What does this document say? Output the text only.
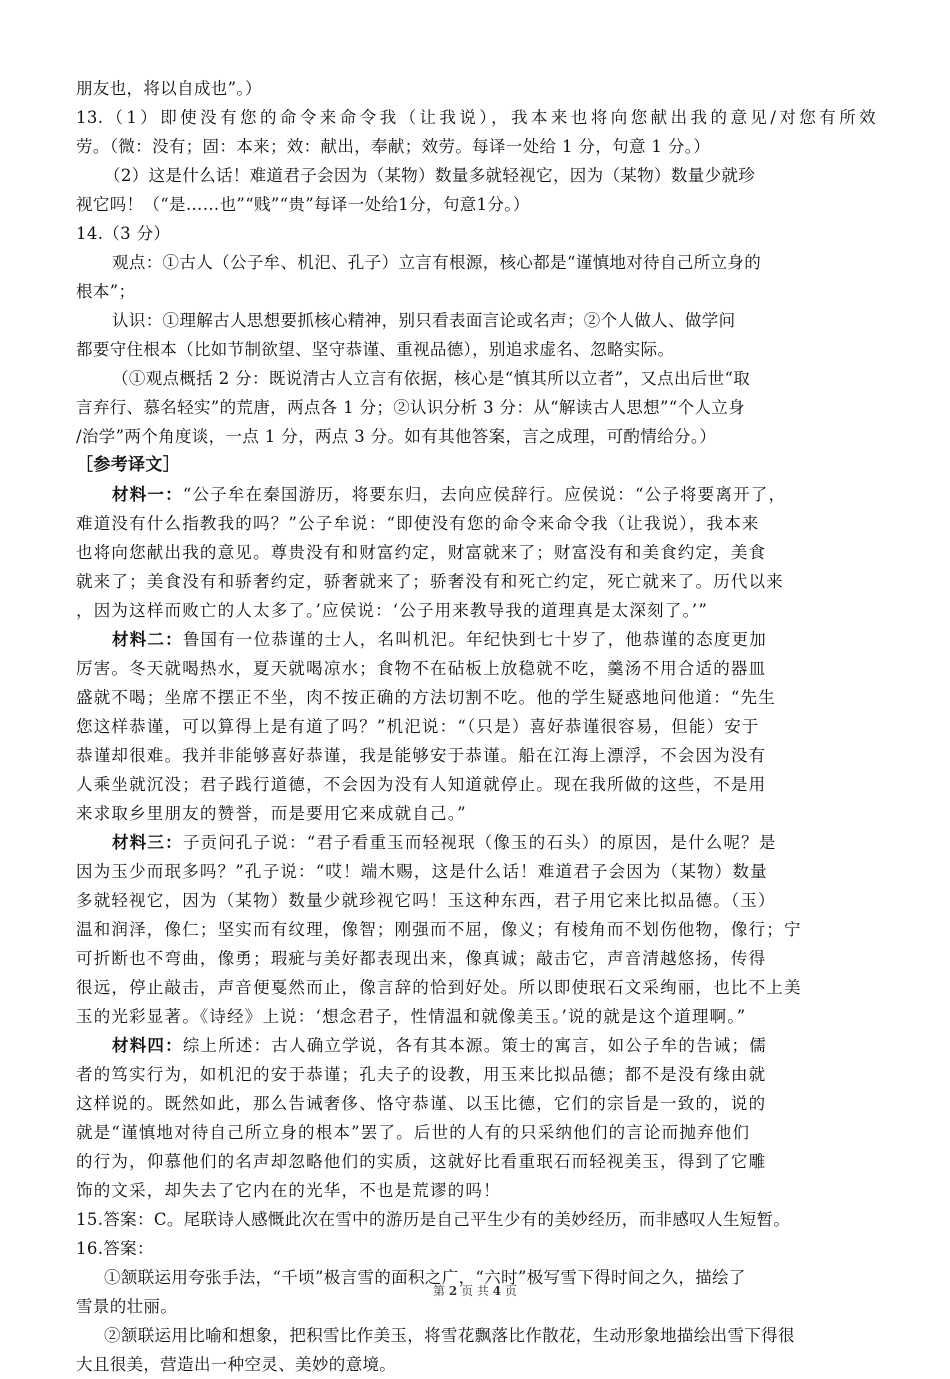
朋友也，将以自成也”。）

13.（1）即使没有您的命令来命令我（让我说），我本来也将向您献出我的意见/对您有所效

劳。（微：没有；固：本来；效：献出，奉献；效劳。每译一处给 1 分，句意 1 分。）

（2）这是什么话！难道君子会因为（某物）数量多就轻视它，因为（某物）数量少就珍

视它吗！（“是……也”“贱”“贵”每译一处给1分，句意1分。）

14.（3 分）

观点：①古人（公子牟、机汜、孔子）立言有根源，核心都是“谨慎地对待自己所立身的

根本”；

认识：①理解古人思想要抓核心精神，别只看表面言论或名声；②个人做人、做学问

都要守住根本（比如节制欲望、坚守恭谨、重视品德），别追求虚名、忽略实际。

（①观点概括 2 分：既说清古人立言有依据，核心是“慎其所以立者”，又点出后世“取

言弃行、慕名轻实”的荒唐，两点各 1 分；②认识分析 3 分：从“解读古人思想”“个人立身

/治学”两个角度谈，一点 1 分，两点 3 分。如有其他答案，言之成理，可酌情给分。）

［参考译文］

材料一：“公子牟在秦国游历，将要东归，去向应侯辞行。应侯说：“公子将要离开了，

难道没有什么指教我的吗？”公子牟说：“即使没有您的命令来命令我（让我说），我本来

也将向您献出我的意见。尊贵没有和财富约定，财富就来了；财富没有和美食约定，美食

就来了；美食没有和骄奢约定，骄奢就来了；骄奢没有和死亡约定，死亡就来了。历代以来

，因为这样而败亡的人太多了。’应侯说：‘公子用来教导我的道理真是太深刻了。’”

材料二：鲁国有一位恭谨的士人，名叫机汜。年纪快到七十岁了，他恭谨的态度更加

厉害。冬天就喝热水，夏天就喝凉水；食物不在砧板上放稳就不吃，羹汤不用合适的器皿

盛就不喝；坐席不摆正不坐，肉不按正确的方法切割不吃。他的学生疑惑地问他道：“先生

您这样恭谨，可以算得上是有道了吗？”机汜说：“（只是）喜好恭谨很容易，但能）安于

恭谨却很难。我并非能够喜好恭谨，我是能够安于恭谨。船在江海上漂浮，不会因为没有

人乘坐就沉没；君子践行道德，不会因为没有人知道就停止。现在我所做的这些，不是用

来求取乡里朋友的赞誉，而是要用它来成就自己。”

材料三：子贡问孔子说：“君子看重玉而轻视珉（像玉的石头）的原因，是什么呢？是

因为玉少而珉多吗？”孔子说：“哎！端木赐，这是什么话！难道君子会因为（某物）数量

多就轻视它，因为（某物）数量少就珍视它吗！玉这种东西，君子用它来比拟品德。（玉）

温和润泽，像仁；坚实而有纹理，像智；刚强而不屈，像义；有棱角而不划伤他物，像行；宁

可折断也不弯曲，像勇；瑕疵与美好都表现出来，像真诚；敲击它，声音清越悠扬，传得

很远，停止敲击，声音便戛然而止，像言辞的恰到好处。所以即使珉石文采绚丽，也比不上美

玉的光彩显著。《诗经》上说：‘想念君子，性情温和就像美玉。’说的就是这个道理啊。”

材料四：综上所述：古人确立学说，各有其本源。策士的寓言，如公子牟的告诫；儒

者的笃实行为，如机汜的安于恭谨；孔夫子的设教，用玉来比拟品德；都不是没有缘由就

这样说的。既然如此，那么告诫奢侈、恪守恭谨、以玉比德，它们的宗旨是一致的，说的

就是“谨慎地对待自己所立身的根本”罢了。后世的人有的只采纳他们的言论而抛弃他们

的行为，仰慕他们的名声却忽略他们的实质，这就好比看重珉石而轻视美玉，得到了它雕

饰的文采，却失去了它内在的光华，不也是荒谬的吗！

15.答案：C。尾联诗人感慨此次在雪中的游历是自己平生少有的美妙经历，而非感叹人生短暂。

16.答案：

①颔联运用夸张手法，“千顷”极言雪的面积之广，“六时”极写雪下得时间之久，描绘了

雪景的壮丽。

②颔联运用比喻和想象，把积雪比作美玉，将雪花飘落比作散花，生动形象地描绘出雪下得很

大且很美，营造出一种空灵、美妙的意境。

第 2 页 共 4 页
